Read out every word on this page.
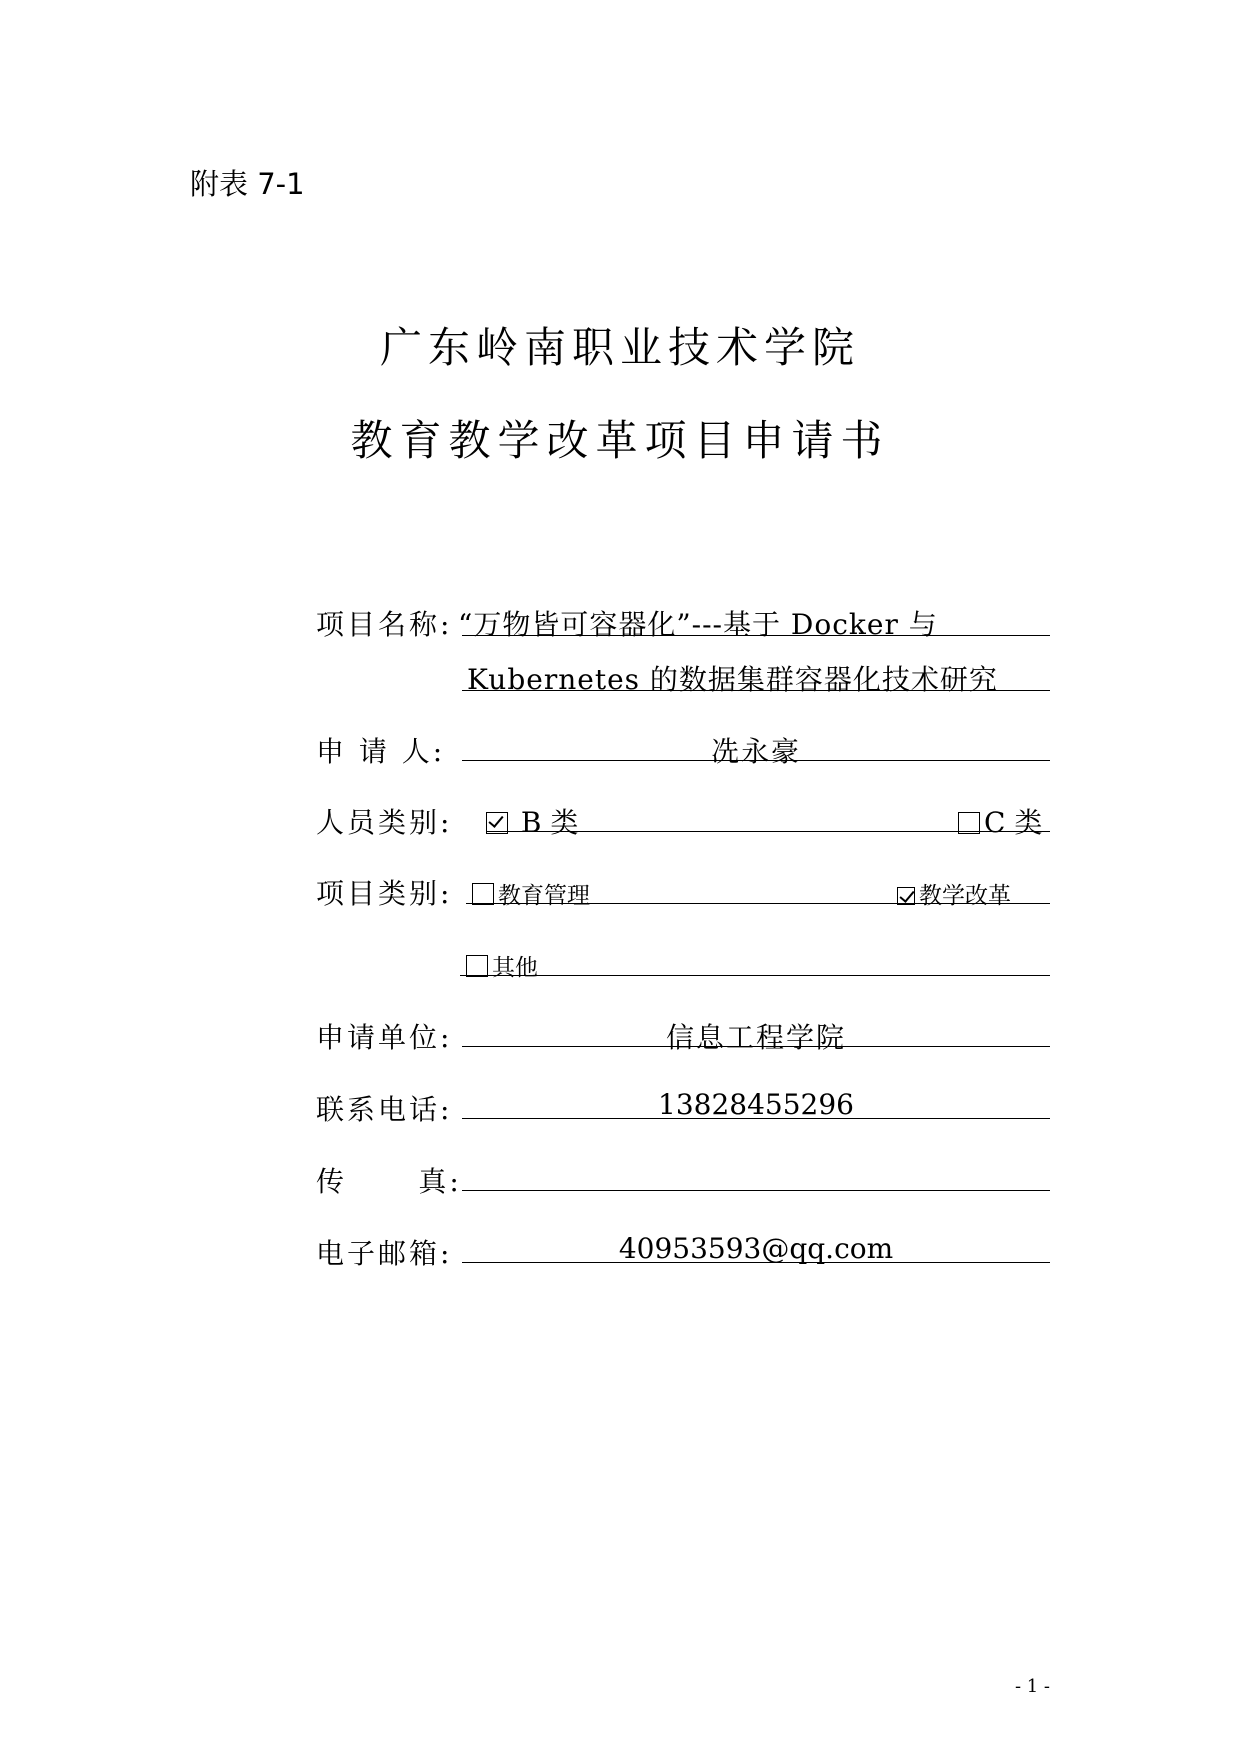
附表 7-1
广东岭南职业技术学院
教育教学改革项目申请书
项目名称: “万物皆可容器化”---基于 Docker 与
Kubernetes 的数据集群容器化技术研究
申 请 人:	冼永豪
人员类别:	B 类	C 类
项目类别:	教育管理	教学改革
其他
申请单位:	信息工程学院
联系电话:	13828455296
传      真:
电子邮箱:	40953593@qq.com
- 1 -
